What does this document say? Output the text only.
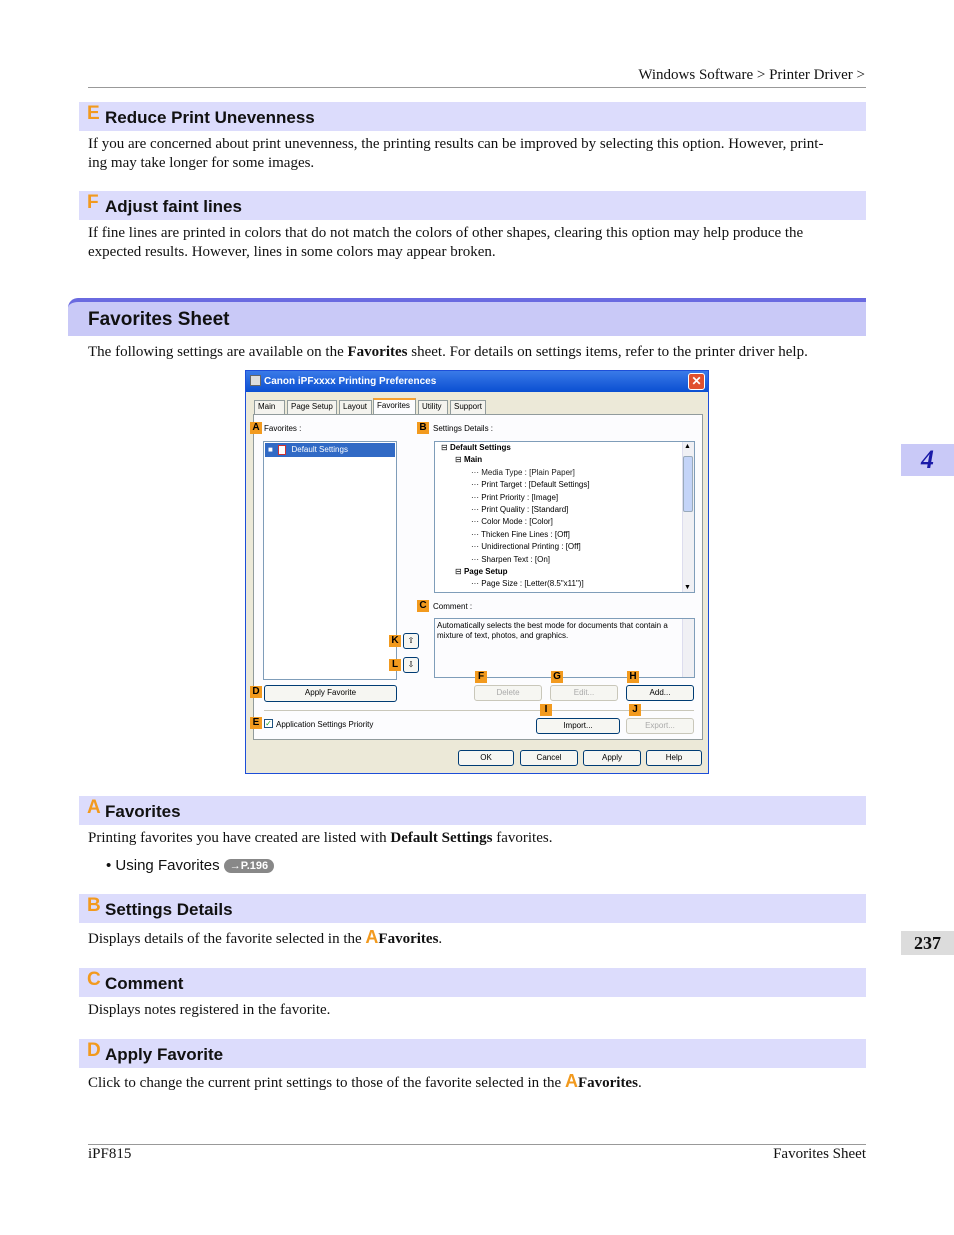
Windows Software > Printer Driver >
E Reduce Print Unevenness
If you are concerned about print unevenness, the printing results can be improved by selecting this option. However, print-
ing may take longer for some images.
F Adjust faint lines
If fine lines are printed in colors that do not match the colors of other shapes, clearing this option may help produce the
expected results. However, lines in some colors may appear broken.
Favorites Sheet
The following settings are available on the Favorites sheet. For details on settings items, refer to the printer driver help.
Canon iPFxxxx Printing Preferences	✕
Main	Page Setup	Layout	Favorites	Utility	Support
A Favorites :
■ Default Settings
K	⇧
L	⇩
D	Apply Favorite
B Settings Details :
⊟ Default Settings
⊟ Main
··· Media Type : [Plain Paper]
··· Print Target : [Default Settings]
··· Print Priority : [Image]
··· Print Quality : [Standard]
··· Color Mode : [Color]
··· Thicken Fine Lines : [Off]
··· Unidirectional Printing : [Off]
··· Sharpen Text : [On]
⊟ Page Setup
··· Page Size : [Letter(8.5"x11")]
▲
▼
C Comment :
Automatically selects the best mode for documents that contain a
mixture of text, photos, and graphics.
F	G	H
Delete	Edit...	Add...
E ✓ Application Settings Priority
I	J
Import...	Export...
OK	Cancel	Apply	Help
A Favorites
Printing favorites you have created are listed with Default Settings favorites.
• Using Favorites →P.196
B Settings Details
Displays details of the favorite selected in the AFavorites.
C Comment
Displays notes registered in the favorite.
D Apply Favorite
Click to change the current print settings to those of the favorite selected in the AFavorites.
4
237
iPF815	Favorites Sheet
